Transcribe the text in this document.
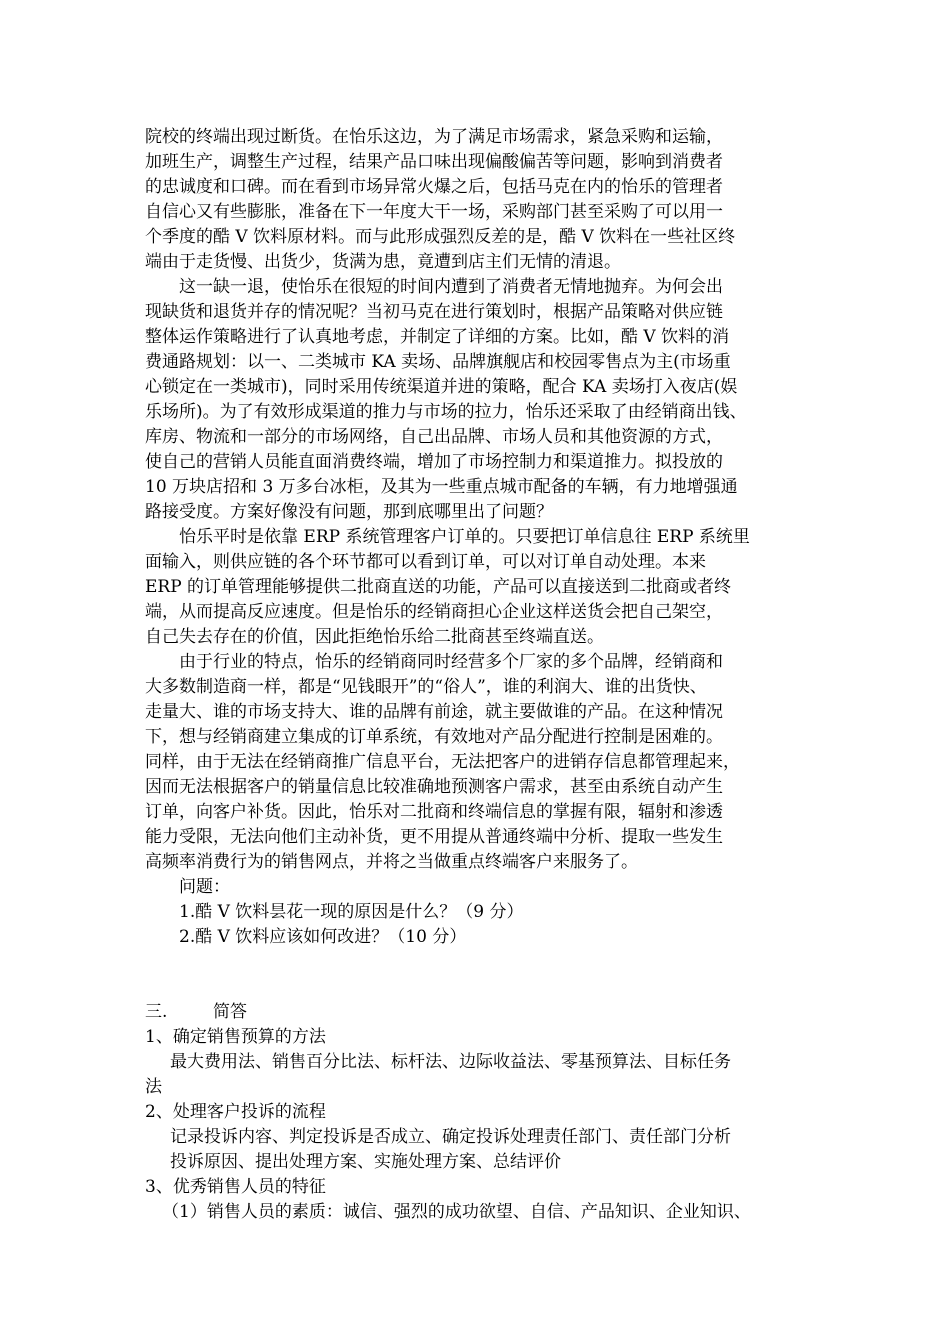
院校的终端出现过断货。在怡乐这边，为了满足市场需求，紧急采购和运输，
加班生产，调整生产过程，结果产品口味出现偏酸偏苦等问题，影响到消费者
的忠诚度和口碑。而在看到市场异常火爆之后，包括马克在内的怡乐的管理者
自信心又有些膨胀，准备在下一年度大干一场，采购部门甚至采购了可以用一
个季度的酷 V 饮料原材料。而与此形成强烈反差的是，酷 V 饮料在一些社区终
端由于走货慢、出货少，货满为患，竟遭到店主们无情的清退。
这一缺一退，使怡乐在很短的时间内遭到了消费者无情地抛弃。为何会出
现缺货和退货并存的情况呢？当初马克在进行策划时，根据产品策略对供应链
整体运作策略进行了认真地考虑，并制定了详细的方案。比如，酷 V 饮料的消
费通路规划：以一、二类城市 KA 卖场、品牌旗舰店和校园零售点为主(市场重
心锁定在一类城市)，同时采用传统渠道并进的策略，配合 KA 卖场打入夜店(娱
乐场所)。为了有效形成渠道的推力与市场的拉力，怡乐还采取了由经销商出钱、
库房、物流和一部分的市场网络，自己出品牌、市场人员和其他资源的方式，
使自己的营销人员能直面消费终端，增加了市场控制力和渠道推力。拟投放的
10 万块店招和 3 万多台冰柜，及其为一些重点城市配备的车辆，有力地增强通
路接受度。方案好像没有问题，那到底哪里出了问题？
怡乐平时是依靠 ERP 系统管理客户订单的。只要把订单信息往 ERP 系统里
面输入，则供应链的各个环节都可以看到订单，可以对订单自动处理。本来
ERP 的订单管理能够提供二批商直送的功能，产品可以直接送到二批商或者终
端，从而提高反应速度。但是怡乐的经销商担心企业这样送货会把自己架空，
自己失去存在的价值，因此拒绝怡乐给二批商甚至终端直送。
由于行业的特点，怡乐的经销商同时经营多个厂家的多个品牌，经销商和
大多数制造商一样，都是“见钱眼开”的“俗人”，谁的利润大、谁的出货快、
走量大、谁的市场支持大、谁的品牌有前途，就主要做谁的产品。在这种情况
下，想与经销商建立集成的订单系统，有效地对产品分配进行控制是困难的。
同样，由于无法在经销商推广信息平台，无法把客户的进销存信息都管理起来，
因而无法根据客户的销量信息比较准确地预测客户需求，甚至由系统自动产生
订单，向客户补货。因此，怡乐对二批商和终端信息的掌握有限，辐射和渗透
能力受限，无法向他们主动补货，更不用提从普通终端中分析、提取一些发生
高频率消费行为的销售网点，并将之当做重点终端客户来服务了。
问题：
1.酷 V 饮料昙花一现的原因是什么？（9 分）
2.酷 V 饮料应该如何改进？（10 分）
三.	简答
1、确定销售预算的方法
最大费用法、销售百分比法、标杆法、边际收益法、零基预算法、目标任务
法
2、处理客户投诉的流程
记录投诉内容、判定投诉是否成立、确定投诉处理责任部门、责任部门分析
投诉原因、提出处理方案、实施处理方案、总结评价
3、优秀销售人员的特征
（1）销售人员的素质：诚信、强烈的成功欲望、自信、产品知识、企业知识、
